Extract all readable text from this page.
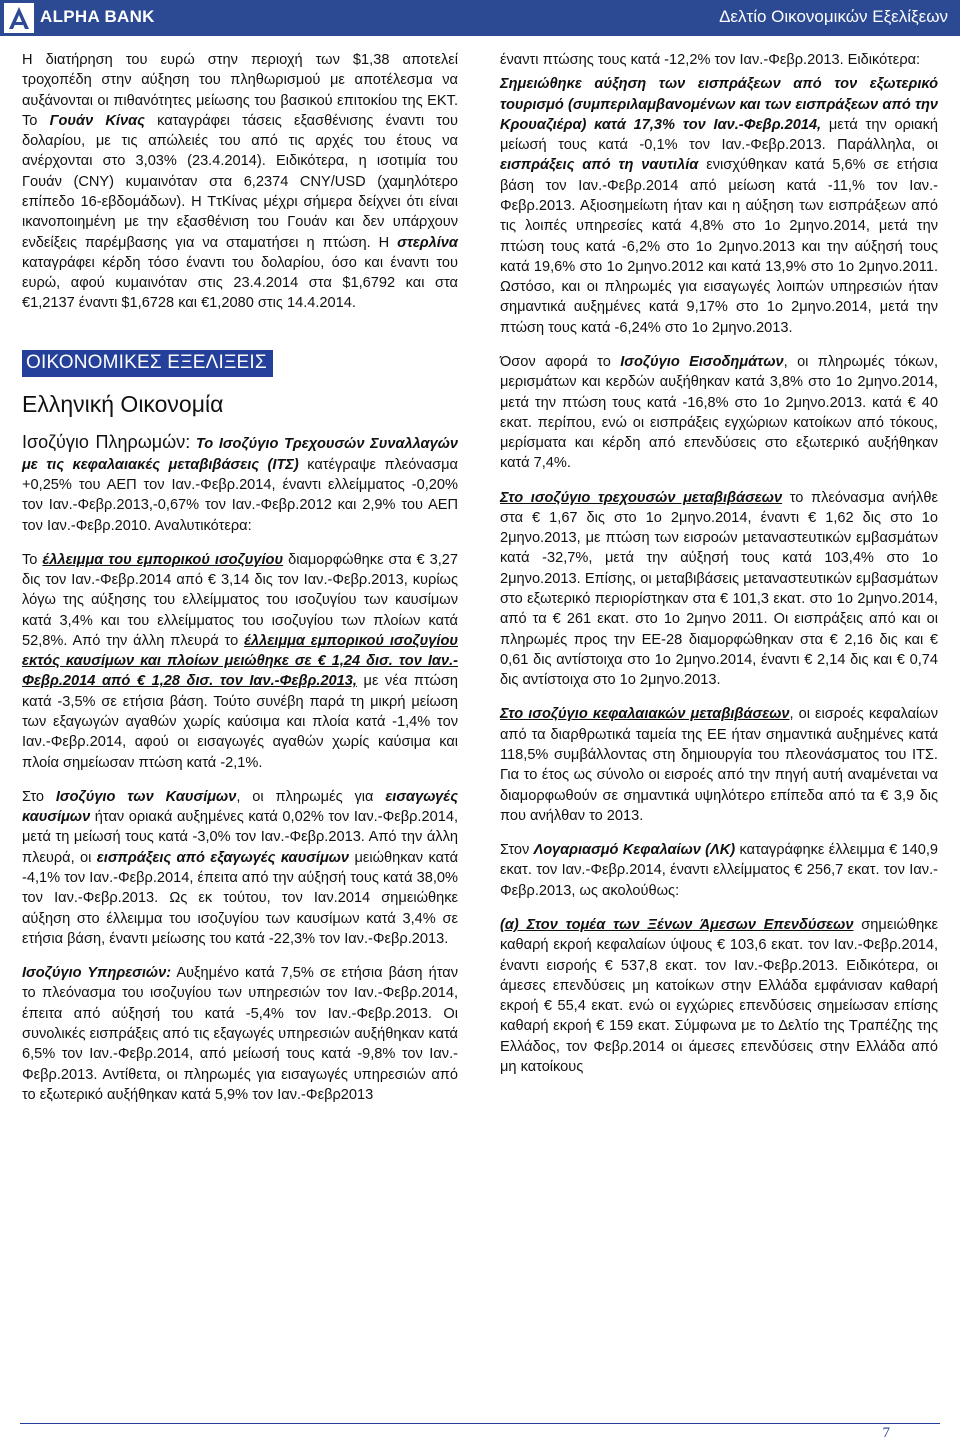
ALPHA BANK	Δελτίο Οικονομικών Εξελίξεων

Η διατήρηση του ευρώ στην περιοχή των $1,38 αποτελεί τροχοπέδη στην αύξηση του πληθωρισμού με αποτέλεσμα να αυξάνονται οι πιθανότητες μείωσης του βασικού επιτοκίου της ΕΚΤ. Το Γουάν Κίνας καταγράφει τάσεις εξασθένισης έναντι του δολαρίου, με τις απώλειές του από τις αρχές του έτους να ανέρχονται στο 3,03% (23.4.2014). Ειδικότερα, η ισοτιμία του Γουάν (CNY) κυμαινόταν στα 6,2374 CNY/USD (χαμηλότερο επίπεδο 16-εβδομάδων). Η ΤτΚίνας μέχρι σήμερα δείχνει ότι είναι ικανοποιημένη με την εξασθένιση του Γουάν και δεν υπάρχουν ενδείξεις παρέμβασης για να σταματήσει η πτώση. Η στερλίνα καταγράφει κέρδη τόσο έναντι του δολαρίου, όσο και έναντι του ευρώ, αφού κυμαινόταν στις 23.4.2014 στα $1,6792 και στα €1,2137 έναντι $1,6728 και €1,2080 στις 14.4.2014.

ΟΙΚΟΝΟΜΙΚΕΣ ΕΞΕΛΙΞΕΙΣ
Ελληνική Οικονομία

Ισοζύγιο Πληρωμών: Το Ισοζύγιο Τρεχουσών Συναλλαγών με τις κεφαλαιακές μεταβιβάσεις (ΙΤΣ) κατέγραψε πλεόνασμα +0,25% του ΑΕΠ τον Ιαν.-Φεβρ.2014, έναντι ελλείμματος -0,20% τον Ιαν.-Φεβρ.2013,-0,67% τον Ιαν.-Φεβρ.2012 και 2,9% του ΑΕΠ τον Ιαν.-Φεβρ.2010. Αναλυτικότερα:

Το έλλειμμα του εμπορικού ισοζυγίου διαμορφώθηκε στα € 3,27 δις τον Ιαν.-Φεβρ.2014 από € 3,14 δις τον Ιαν.-Φεβρ.2013, κυρίως λόγω της αύξησης του ελλείμματος του ισοζυγίου των καυσίμων κατά 3,4% και του ελλείμματος του ισοζυγίου των πλοίων κατά 52,8%. Από την άλλη πλευρά το έλλειμμα εμπορικού ισοζυγίου εκτός καυσίμων και πλοίων μειώθηκε σε € 1,24 δισ. τον Ιαν.-Φεβρ.2014 από € 1,28 δισ. τον Ιαν.-Φεβρ.2013, με νέα πτώση κατά -3,5% σε ετήσια βάση. Τούτο συνέβη παρά τη μικρή μείωση των εξαγωγών αγαθών χωρίς καύσιμα και πλοία κατά -1,4% τον Ιαν.-Φεβρ.2014, αφού οι εισαγωγές αγαθών χωρίς καύσιμα και πλοία σημείωσαν πτώση κατά -2,1%.

Στο Ισοζύγιο των Καυσίμων, οι πληρωμές για εισαγωγές καυσίμων ήταν οριακά αυξημένες κατά 0,02% τον Ιαν.-Φεβρ.2014, μετά τη μείωσή τους κατά -3,0% τον Ιαν.-Φεβρ.2013. Από την άλλη πλευρά, οι εισπράξεις από εξαγωγές καυσίμων μειώθηκαν κατά -4,1% τον Ιαν.-Φεβρ.2014, έπειτα από την αύξησή τους κατά 38,0% τον Ιαν.-Φεβρ.2013. Ως εκ τούτου, τον Ιαν.2014 σημειώθηκε αύξηση στο έλλειμμα του ισοζυγίου των καυσίμων κατά 3,4% σε ετήσια βάση, έναντι μείωσης του κατά -22,3% τον Ιαν.-Φεβρ.2013.

Ισοζύγιο Υπηρεσιών: Αυξημένο κατά 7,5% σε ετήσια βάση ήταν το πλεόνασμα του ισοζυγίου των υπηρεσιών τον Ιαν.-Φεβρ.2014, έπειτα από αύξησή του κατά -5,4% τον Ιαν.-Φεβρ.2013. Οι συνολικές εισπράξεις από τις εξαγωγές υπηρεσιών αυξήθηκαν κατά 6,5% τον Ιαν.-Φεβρ.2014, από μείωσή τους κατά -9,8% τον Ιαν.-Φεβρ.2013. Αντίθετα, οι πληρωμές για εισαγωγές υπηρεσιών από το εξωτερικό αυξήθηκαν κατά 5,9% τον Ιαν.-Φεβρ2013

έναντι πτώσης τους κατά -12,2% τον Ιαν.-Φεβρ.2013. Ειδικότερα:

Σημειώθηκε αύξηση των εισπράξεων από τον εξωτερικό τουρισμό (συμπεριλαμβανομένων και των εισπράξεων από την Κρουαζιέρα) κατά 17,3% τον Ιαν.-Φεβρ.2014, μετά την οριακή μείωσή τους κατά -0,1% τον Ιαν.-Φεβρ.2013. Παράλληλα, οι εισπράξεις από τη ναυτιλία ενισχύθηκαν κατά 5,6% σε ετήσια βάση τον Ιαν.-Φεβρ.2014 από μείωση κατά -11,% τον Ιαν.-Φεβρ.2013. Αξιοσημείωτη ήταν και η αύξηση των εισπράξεων από τις λοιπές υπηρεσίες κατά 4,8% στο 1ο 2μηνο.2014, μετά την πτώση τους κατά -6,2% στο 1ο 2μηνο.2013 και την αύξησή τους κατά 19,6% στο 1ο 2μηνο.2012 και κατά 13,9% στο 1ο 2μηνο.2011. Ωστόσο, και οι πληρωμές για εισαγωγές λοιπών υπηρεσιών ήταν σημαντικά αυξημένες κατά 9,17% στο 1ο 2μηνο.2014, μετά την πτώση τους κατά -6,24% στο 1ο 2μηνο.2013.

Όσον αφορά το Ισοζύγιο Εισοδημάτων, οι πληρωμές τόκων, μερισμάτων και κερδών αυξήθηκαν κατά 3,8% στο 1ο 2μηνο.2014, μετά την πτώση τους κατά -16,8% στο 1ο 2μηνο.2013. κατά € 40 εκατ. περίπου, ενώ οι εισπράξεις εγχώριων κατοίκων από τόκους, μερίσματα και κέρδη από επενδύσεις στο εξωτερικό αυξήθηκαν κατά 7,4%.

Στο ισοζύγιο τρεχουσών μεταβιβάσεων το πλεόνασμα ανήλθε στα € 1,67 δις στο 1ο 2μηνο.2014, έναντι € 1,62 δις στο 1ο 2μηνο.2013, με πτώση των εισροών μεταναστευτικών εμβασμάτων κατά -32,7%, μετά την αύξησή τους κατά 103,4% στο 1ο 2μηνο.2013. Επίσης, οι μεταβιβάσεις μεταναστευτικών εμβασμάτων στο εξωτερικό περιορίστηκαν στα € 101,3 εκατ. στο 1ο 2μηνο.2014, από τα € 261 εκατ. στο 1ο 2μηνο 2011. Οι εισπράξεις από και οι πληρωμές προς την ΕΕ-28 διαμορφώθηκαν στα € 2,16 δις και € 0,61 δις αντίστοιχα στο 1ο 2μηνο.2014, έναντι € 2,14 δις και € 0,74 δις αντίστοιχα στο 1ο 2μηνο.2013.

Στο ισοζύγιο κεφαλαιακών μεταβιβάσεων, οι εισροές κεφαλαίων από τα διαρθρωτικά ταμεία της ΕΕ ήταν σημαντικά αυξημένες κατά 118,5% συμβάλλοντας στη δημιουργία του πλεονάσματος του ΙΤΣ. Για το έτος ως σύνολο οι εισροές από την πηγή αυτή αναμένεται να διαμορφωθούν σε σημαντικά υψηλότερο επίπεδα από τα € 3,9 δις που ανήλθαν το 2013.

Στον Λογαριασμό Κεφαλαίων (ΛΚ) καταγράφηκε έλλειμμα € 140,9 εκατ. τον Ιαν.-Φεβρ.2014, έναντι ελλείμματος € 256,7 εκατ. τον Ιαν.-Φεβρ.2013, ως ακολούθως:

(α) Στον τομέα των Ξένων Άμεσων Επενδύσεων σημειώθηκε καθαρή εκροή κεφαλαίων ύψους € 103,6 εκατ. τον Ιαν.-Φεβρ.2014, έναντι εισροής € 537,8 εκατ. τον Ιαν.-Φεβρ.2013. Ειδικότερα, οι άμεσες επενδύσεις μη κατοίκων στην Ελλάδα εμφάνισαν καθαρή εκροή € 55,4 εκατ. ενώ οι εγχώριες επενδύσεις σημείωσαν επίσης καθαρή εκροή € 159 εκατ. Σύμφωνα με το Δελτίο της Τραπέζης της Ελλάδος, τον Φεβρ.2014 οι άμεσες επενδύσεις στην Ελλάδα από μη κατοίκους

7
